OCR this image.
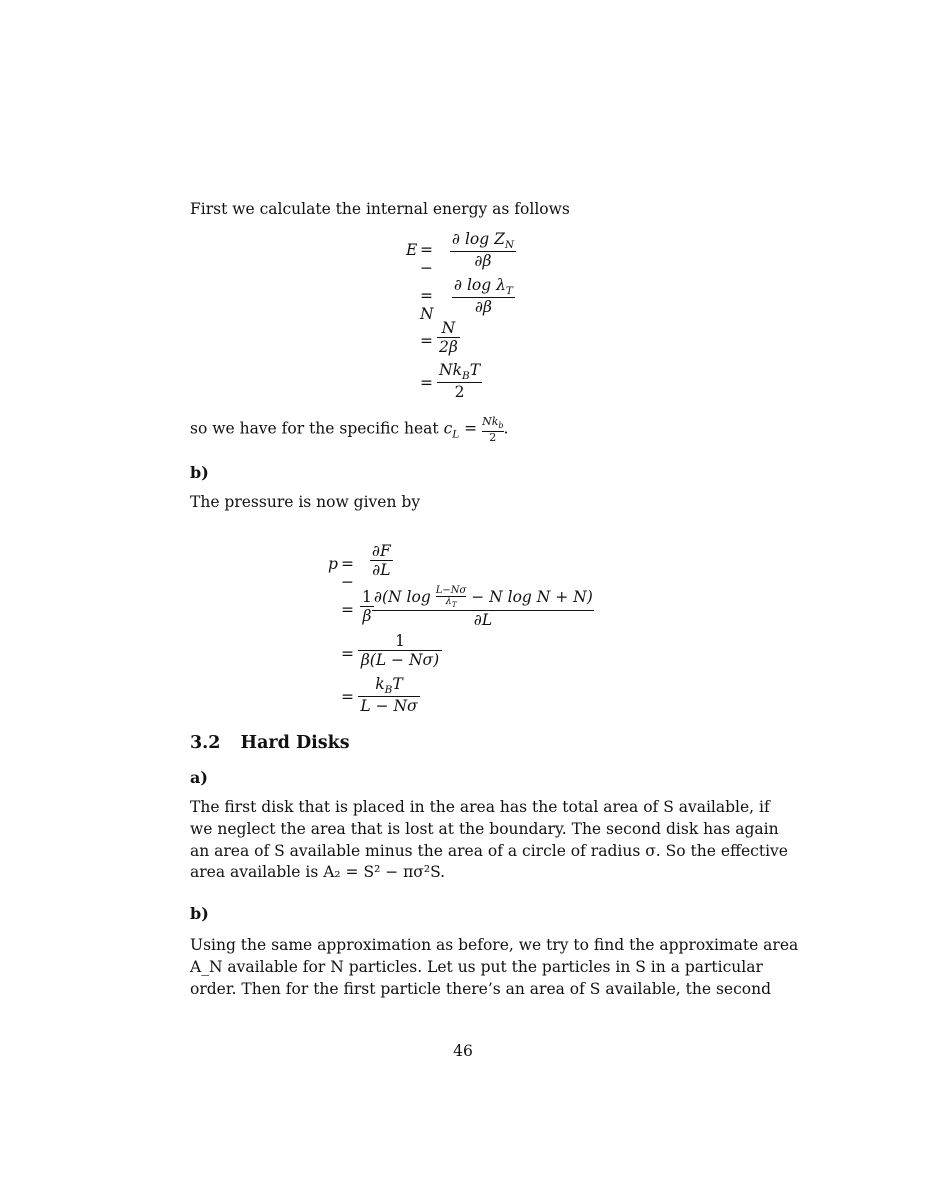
First we calculate the internal energy as follows

E = − $\frac{\partial \log Z_N}{\partial\beta}$
= N $\frac{\partial \log \lambda_T}{\partial\beta}$
= $\frac{N}{2\beta}$
=
$Nk_BT$
2

so we have for the specific heat $c_L = Nk_b$
2
.

b)

The pressure is now given by

p = −
$\frac{\partial F}{\partial L}$
= $\frac{1}{\beta} \partial(N$ $\log \frac{L-N\sigma}{\lambda_T} - N$ log N + N)
∂L
= $\frac{1}{\beta(L - N\sigma)}$
=
$k_BT$
L − Nσ
3.2 Hard Disks
a)

The first disk that is placed in the area has the total area of S available, if

we neglect the area that is lost at the boundary. The second disk has again

an area of S available minus the area of a circle of radius σ. So the effective

area available is A₂ = S² − πσ²S.

b)

Using the same approximation as before, we try to find the approximate area

A_N available for N particles. Let us put the particles in S in a particular

order. Then for the first particle there’s an area of S available, the second

46
